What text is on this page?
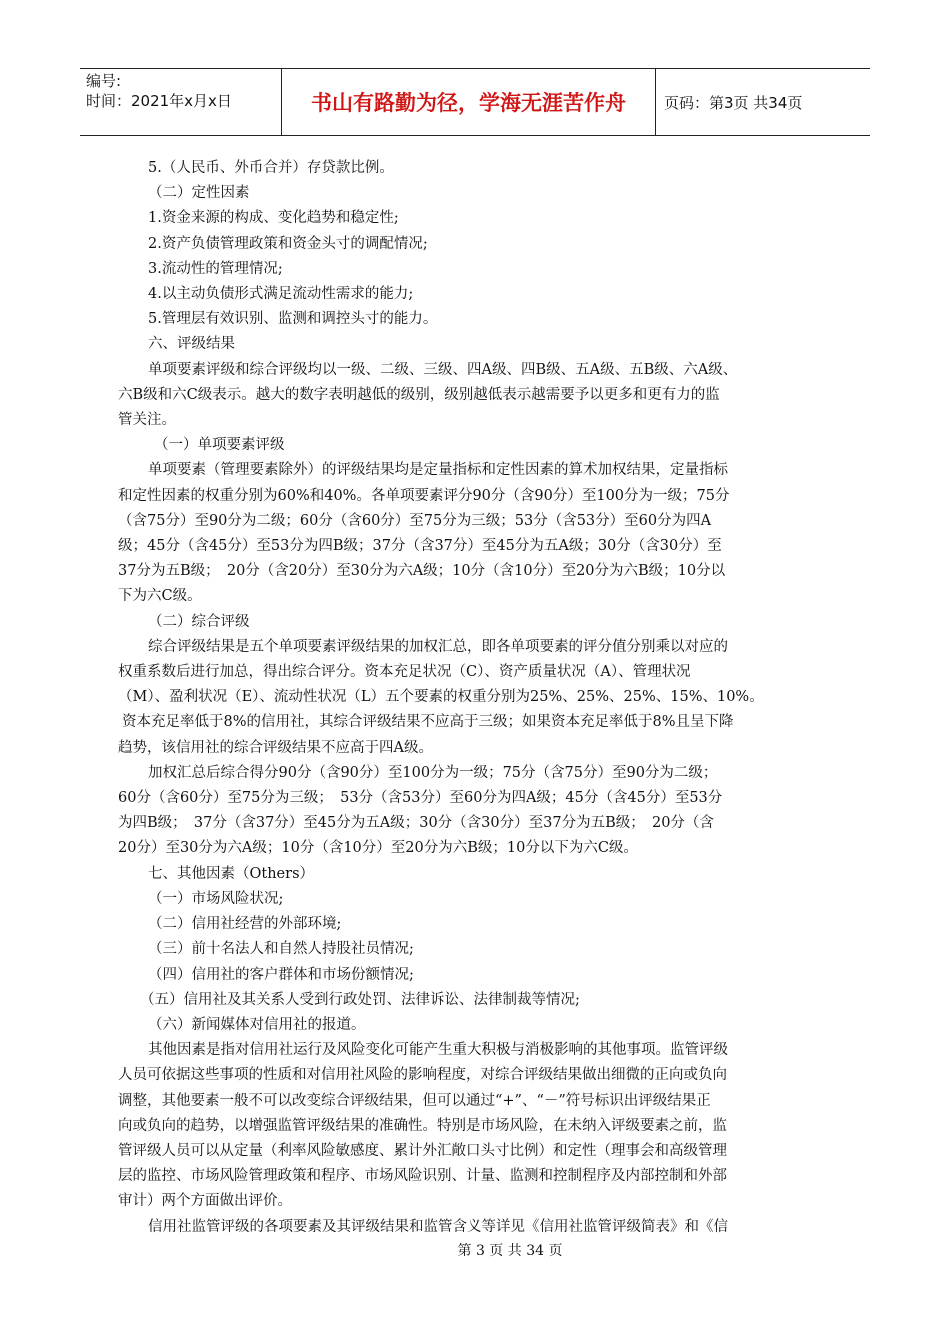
编号:
时间：2021年x月x日	书山有路勤为径，学海无涯苦作舟	页码：第3页 共34页

5.（人民币、外币合并）存贷款比例。

（二）定性因素

1.资金来源的构成、变化趋势和稳定性;

2.资产负债管理政策和资金头寸的调配情况;

3.流动性的管理情况;

4.以主动负债形式满足流动性需求的能力;

5.管理层有效识别、监测和调控头寸的能力。

六、评级结果

单项要素评级和综合评级均以一级、二级、三级、四A级、四B级、五A级、五B级、六A级、

六B级和六C级表示。越大的数字表明越低的级别，级别越低表示越需要予以更多和更有力的监

管关注。

（一）单项要素评级

单项要素（管理要素除外）的评级结果均是定量指标和定性因素的算术加权结果，定量指标

和定性因素的权重分别为60%和40%。各单项要素评分90分（含90分）至100分为一级；75分

（含75分）至90分为二级；60分（含60分）至75分为三级；53分（含53分）至60分为四A

级；45分（含45分）至53分为四B级；37分（含37分）至45分为五A级；30分（含30分）至

37分为五B级；　20分（含20分）至30分为六A级；10分（含10分）至20分为六B级；10分以

下为六C级。

（二）综合评级

综合评级结果是五个单项要素评级结果的加权汇总，即各单项要素的评分值分别乘以对应的

权重系数后进行加总，得出综合评分。资本充足状况（C）、资产质量状况（A）、管理状况

（M）、盈利状况（E）、流动性状况（L）五个要素的权重分别为25%、25%、25%、15%、10%。

资本充足率低于8%的信用社，其综合评级结果不应高于三级；如果资本充足率低于8%且呈下降

趋势，该信用社的综合评级结果不应高于四A级。

加权汇总后综合得分90分（含90分）至100分为一级；75分（含75分）至90分为二级；

60分（含60分）至75分为三级；　53分（含53分）至60分为四A级；45分（含45分）至53分

为四B级；　37分（含37分）至45分为五A级；30分（含30分）至37分为五B级；　20分（含

20分）至30分为六A级；10分（含10分）至20分为六B级；10分以下为六C级。

七、其他因素（Others）

（一）市场风险状况;

（二）信用社经营的外部环境;

（三）前十名法人和自然人持股社员情况;

（四）信用社的客户群体和市场份额情况;

（五）信用社及其关系人受到行政处罚、法律诉讼、法律制裁等情况;

（六）新闻媒体对信用社的报道。

其他因素是指对信用社运行及风险变化可能产生重大积极与消极影响的其他事项。监管评级

人员可依据这些事项的性质和对信用社风险的影响程度，对综合评级结果做出细微的正向或负向

调整，其他要素一般不可以改变综合评级结果，但可以通过“+”、“－”符号标识出评级结果正

向或负向的趋势，以增强监管评级结果的准确性。特别是市场风险，在未纳入评级要素之前，监

管评级人员可以从定量（利率风险敏感度、累计外汇敞口头寸比例）和定性（理事会和高级管理

层的监控、市场风险管理政策和程序、市场风险识别、计量、监测和控制程序及内部控制和外部

审计）两个方面做出评价。

信用社监管评级的各项要素及其评级结果和监管含义等详见《信用社监管评级简表》和《信

第 3 页 共 34 页
